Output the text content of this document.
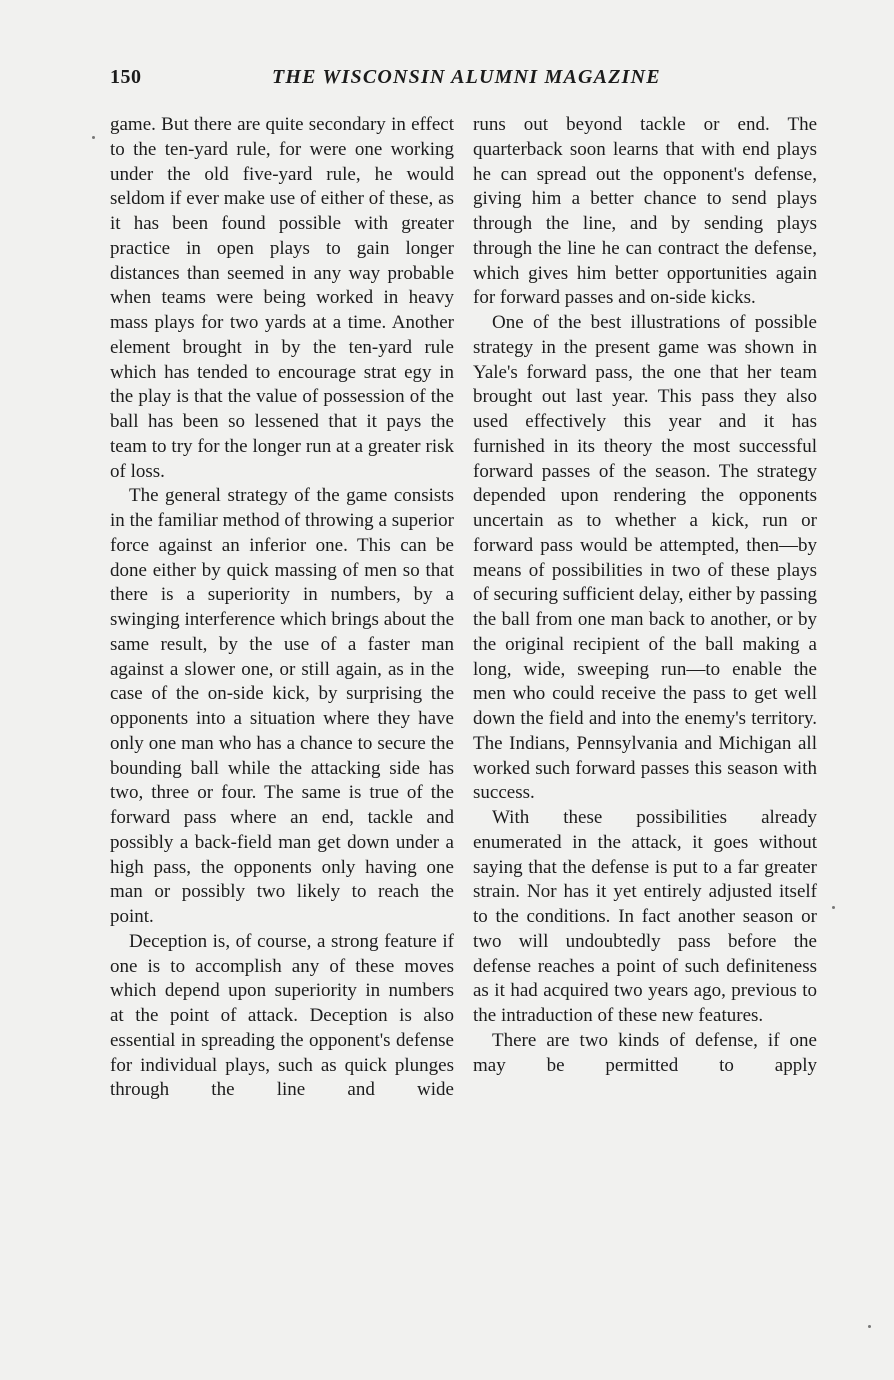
150	THE WISCONSIN ALUMNI MAGAZINE

game. But there are quite secondary in effect to the ten-yard rule, for were one working under the old five-yard rule, he would seldom if ever make use of either of these, as it has been found possible with greater practice in open plays to gain longer distances than seemed in any way probable when teams were being worked in heavy mass plays for two yards at a time. Another element brought in by the ten-yard rule which has tended to encourage strat egy in the play is that the value of possession of the ball has been so lessened that it pays the team to try for the longer run at a greater risk of loss.

The general strategy of the game consists in the familiar method of throwing a superior force against an inferior one. This can be done either by quick massing of men so that there is a superiority in numbers, by a swinging interference which brings about the same result, by the use of a faster man against a slower one, or still again, as in the case of the on-side kick, by surprising the opponents into a situation where they have only one man who has a chance to secure the bounding ball while the attacking side has two, three or four. The same is true of the forward pass where an end, tackle and possibly a back-field man get down under a high pass, the opponents only having one man or possibly two likely to reach the point.

Deception is, of course, a strong feature if one is to accomplish any of these moves which depend upon superiority in numbers at the point of attack. Deception is also essential in spreading the opponent's defense for individual plays, such as quick plunges through the line and wide

runs out beyond tackle or end. The quarterback soon learns that with end plays he can spread out the opponent's defense, giving him a better chance to send plays through the line, and by sending plays through the line he can contract the defense, which gives him better opportunities again for forward passes and on-side kicks.

One of the best illustrations of possible strategy in the present game was shown in Yale's forward pass, the one that her team brought out last year. This pass they also used effectively this year and it has furnished in its theory the most successful forward passes of the season. The strategy depended upon rendering the opponents uncertain as to whether a kick, run or forward pass would be attempted, then—by means of possibilities in two of these plays of securing sufficient delay, either by passing the ball from one man back to another, or by the original recipient of the ball making a long, wide, sweeping run—to enable the men who could receive the pass to get well down the field and into the enemy's territory. The Indians, Pennsylvania and Michigan all worked such forward passes this season with success.

With these possibilities already enumerated in the attack, it goes without saying that the defense is put to a far greater strain. Nor has it yet entirely adjusted itself to the conditions. In fact another season or two will undoubtedly pass before the defense reaches a point of such definiteness as it had acquired two years ago, previous to the intraduction of these new features.

There are two kinds of defense, if one may be permitted to apply
